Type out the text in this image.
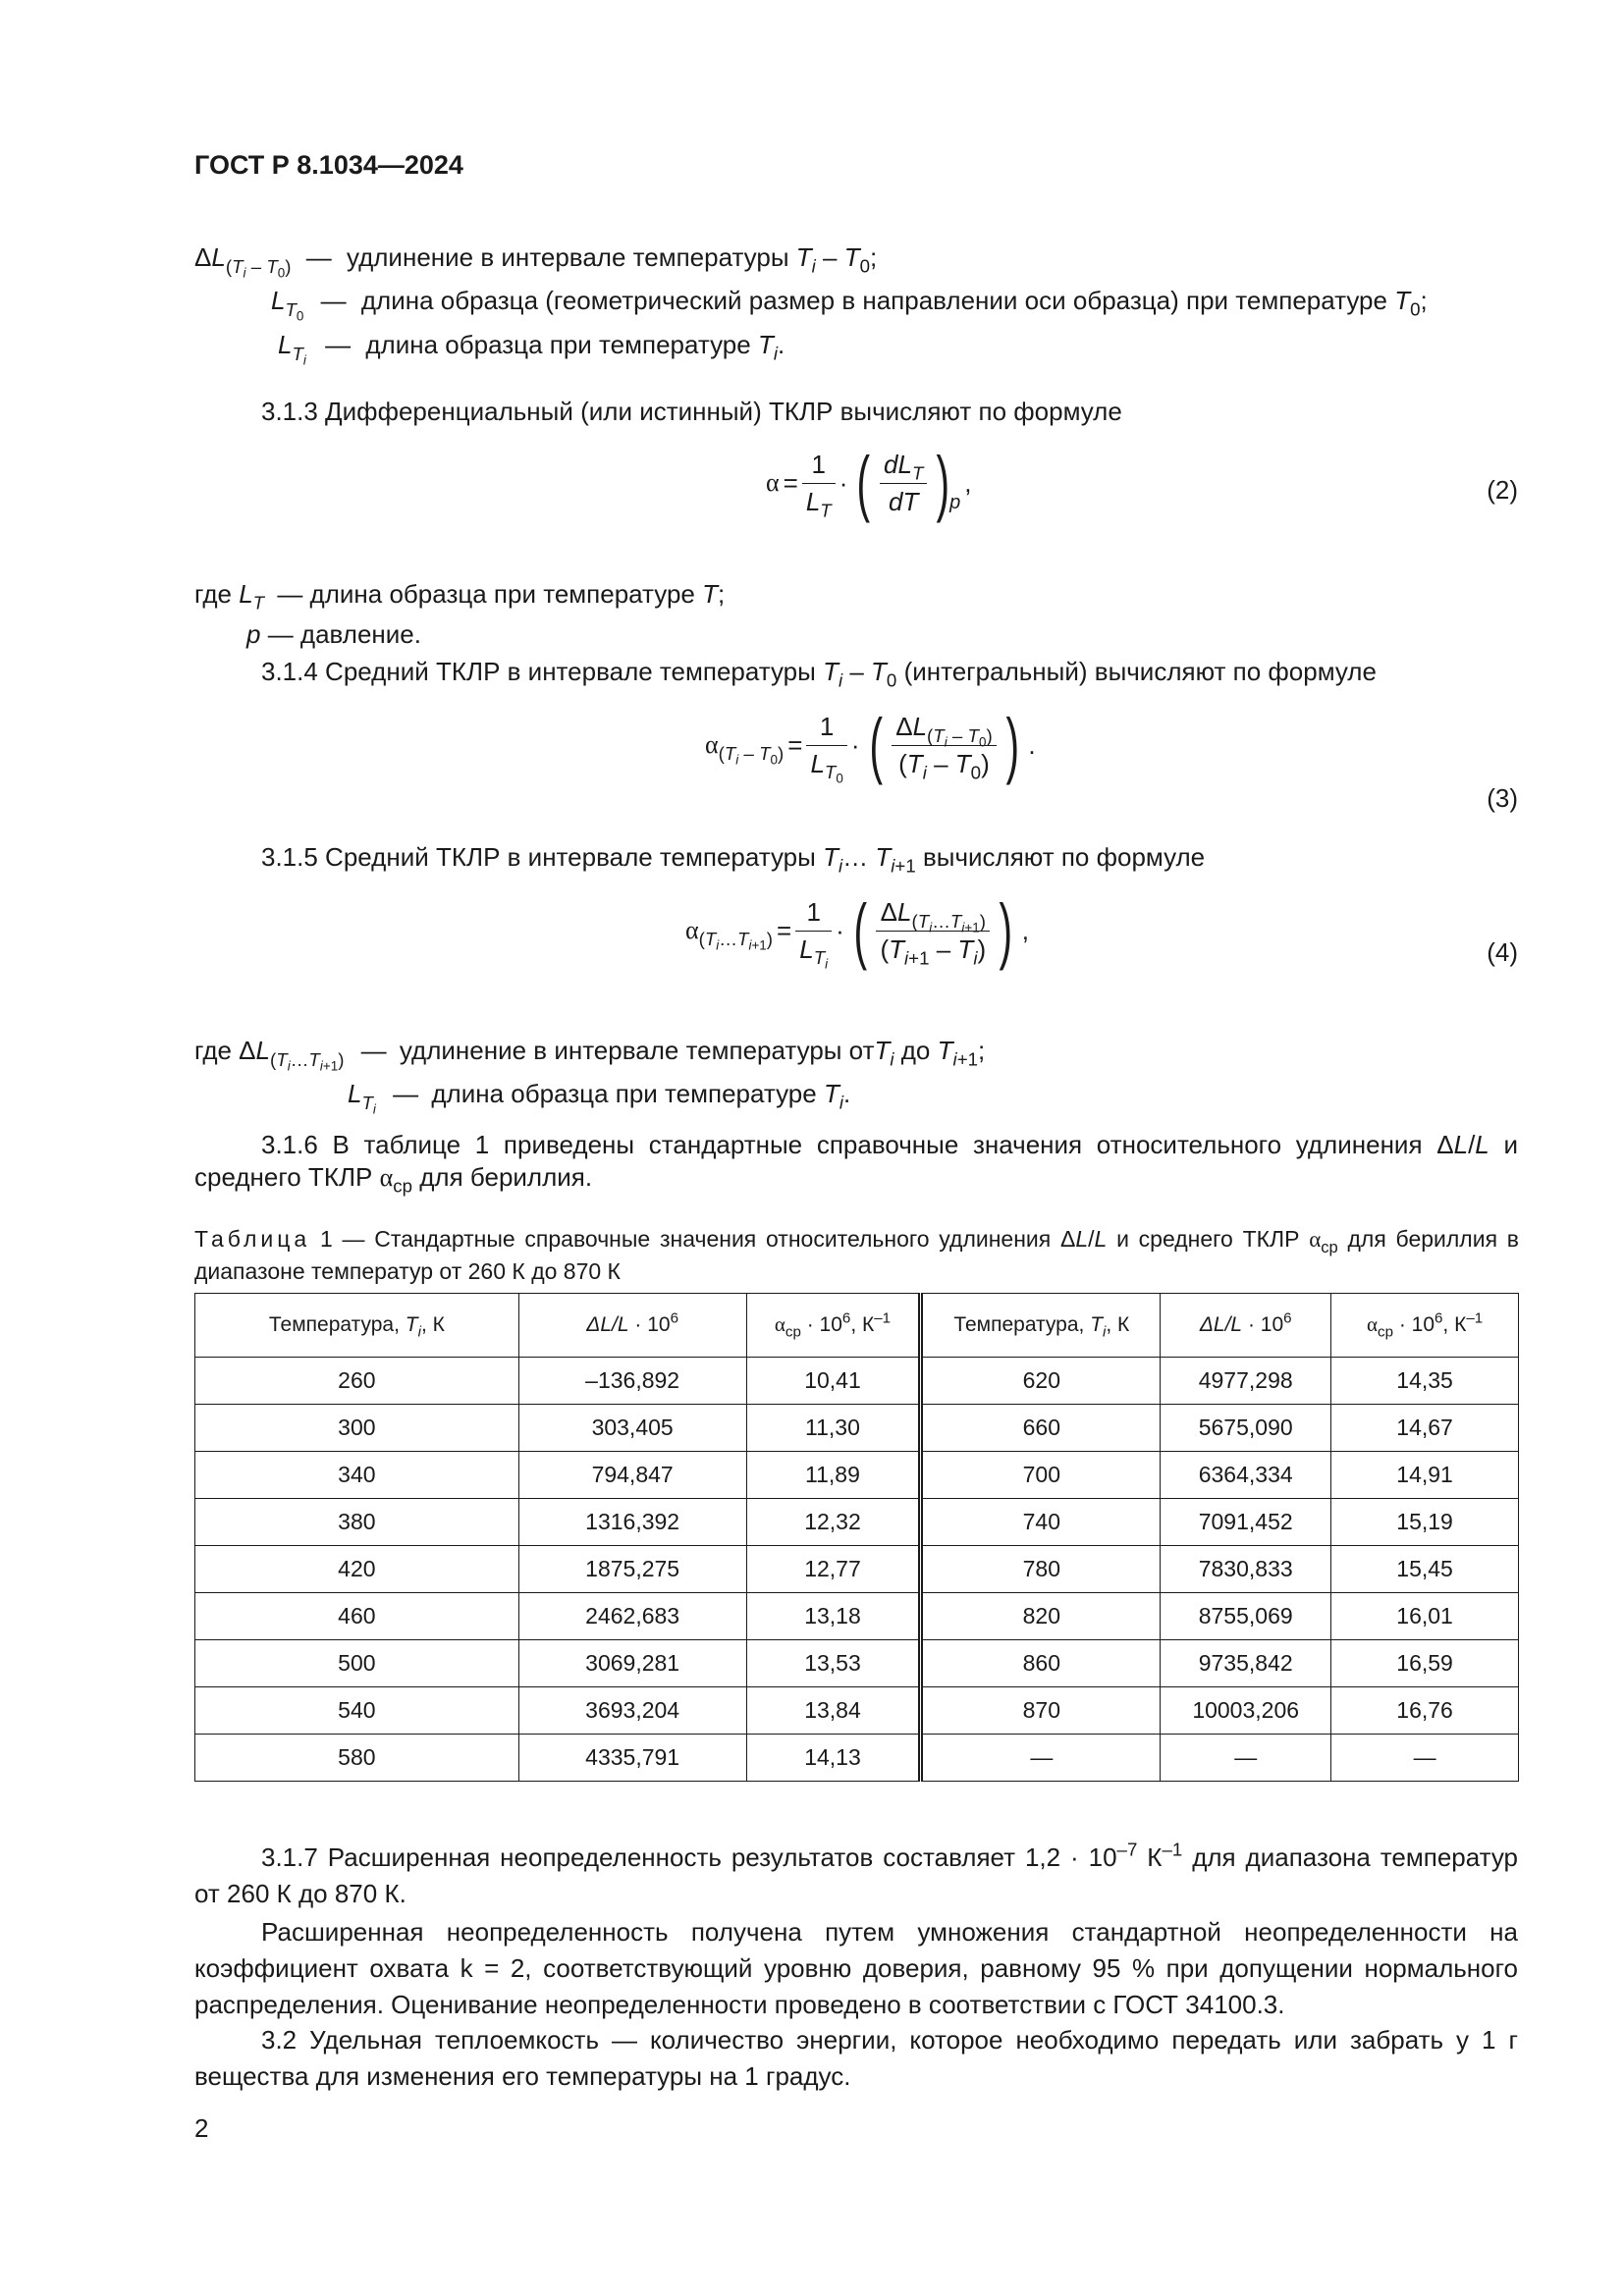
ГОСТ Р 8.1034—2024
$\Delta L_{(T_i - T_0)}$ — удлинение в интервале температуры $T_i - T_0$;
$L_{T_0}$ — длина образца (геометрический размер в направлении оси образца) при температуре $T_0$;
$L_{T_i}$ — длина образца при температуре $T_i$.
3.1.3 Дифференциальный (или истинный) ТКЛР вычисляют по формуле
$\alpha = \frac{1}{L_T}$ · ( $\frac{dL_T}{dT}$ ) p
,	(2)
где $L_T$ — длина образца при температуре T;
p — давление.
3.1.4 Средний ТКЛР в интервале температуры $T_i - T_0$ (интегральный) вычисляют по формуле
$\alpha_{(T_i - T_0)} = \frac{1}{L_{T_0}}$ · ( $\frac{\Delta L_{(T_i - T_0)}}{(T_i - T_0)}$ ) .
(3)
3.1.5 Средний ТКЛР в интервале температуры $T_i\dots$ $T_{i+1}$ вычисляют по формуле
$\alpha_{(T_i\dots T_{i+1})} = \frac{1}{L_{T_i}}$ · ( $\frac{\Delta L_{(T_i\dots T_{i+1})}}{(T_{i+1} - T_i)}$ ) ,
(4)
где $\Delta L_{(T_i\dots T_{i+1})}$ — удлинение в интервале температуры отT$_i$ до $T_{i+1}$;
$L_{T_i}$ — длина образца при температуре $T_i$.
3.1.6 В таблице 1 приведены стандартные справочные значения относительного удлинения ΔL/L и среднего ТКЛР $\alpha_{ср}$ для бериллия.
Таблица 1 — Стандартные справочные значения относительного удлинения ΔL/L и среднего ТКЛР $\alpha_{ср}$ для бериллия в диапазоне температур от 260 К до 870 К
Температура, $T_i$, К	$\Delta L/L \cdot 10^6$	$\alpha_{ср} \cdot 10^6$, $К^{-1}$	Температура, $T_i$, К	$\Delta L/L \cdot 10^6$	$\alpha_{ср} \cdot 10^6$, $К^{-1}$
260	–136,892	10,41	620	4977,298	14,35
300	303,405	11,30	660	5675,090	14,67
340	794,847	11,89	700	6364,334	14,91
380	1316,392	12,32	740	7091,452	15,19
420	1875,275	12,77	780	7830,833	15,45
460	2462,683	13,18	820	8755,069	16,01
500	3069,281	13,53	860	9735,842	16,59
540	3693,204	13,84	870	10003,206	16,76
580	4335,791	14,13	—	—	—
3.1.7 Расширенная неопределенность результатов составляет $1,2 \cdot 10^{-7}$ $К^{-1}$ для диапазона температур от 260 К до 870 К.
Расширенная неопределенность получена путем умножения стандартной неопределенности на коэффициент охвата k = 2, соответствующий уровню доверия, равному 95 % при допущении нормального распределения. Оценивание неопределенности проведено в соответствии с ГОСТ 34100.3.
3.2 Удельная теплоемкость — количество энергии, которое необходимо передать или забрать у 1 г вещества для изменения его температуры на 1 градус.
2
